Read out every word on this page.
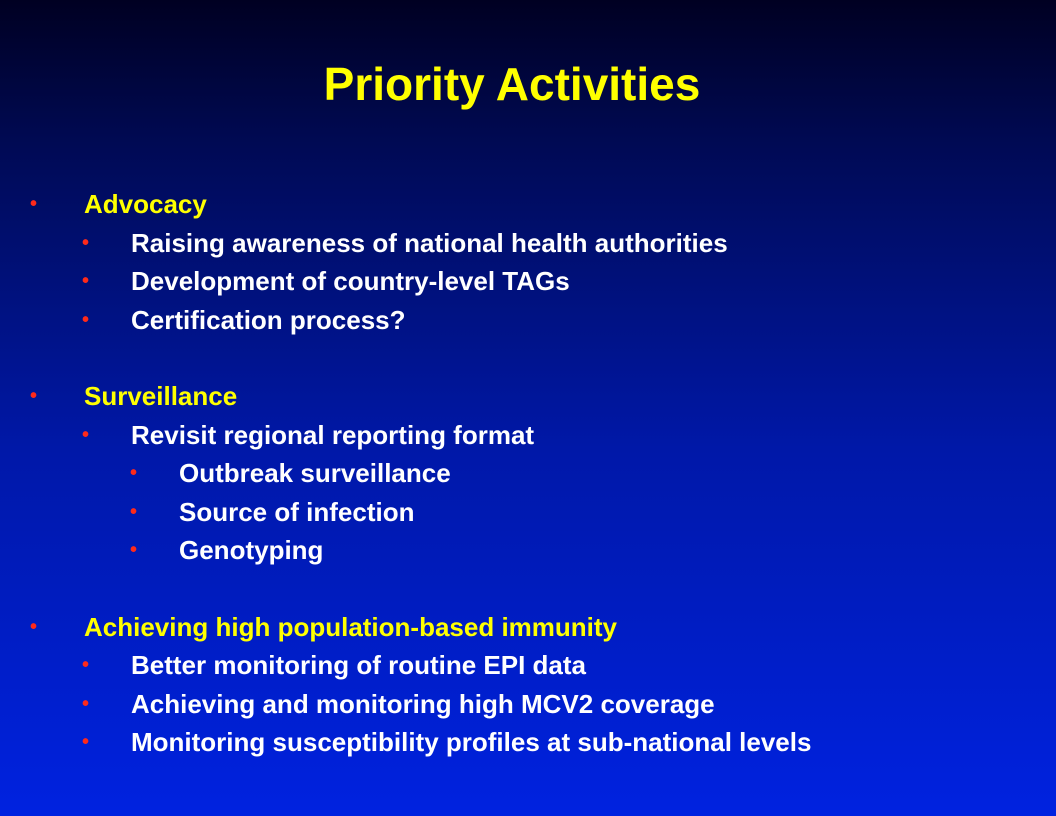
Priority Activities
• Advocacy
• Raising awareness of national health authorities
• Development of country-level TAGs
• Certification process?
• Surveillance
• Revisit regional reporting format
• Outbreak surveillance
• Source of infection
• Genotyping
• Achieving high population-based immunity
• Better monitoring of routine EPI data
• Achieving and monitoring high MCV2 coverage
• Monitoring susceptibility profiles at sub-national levels
